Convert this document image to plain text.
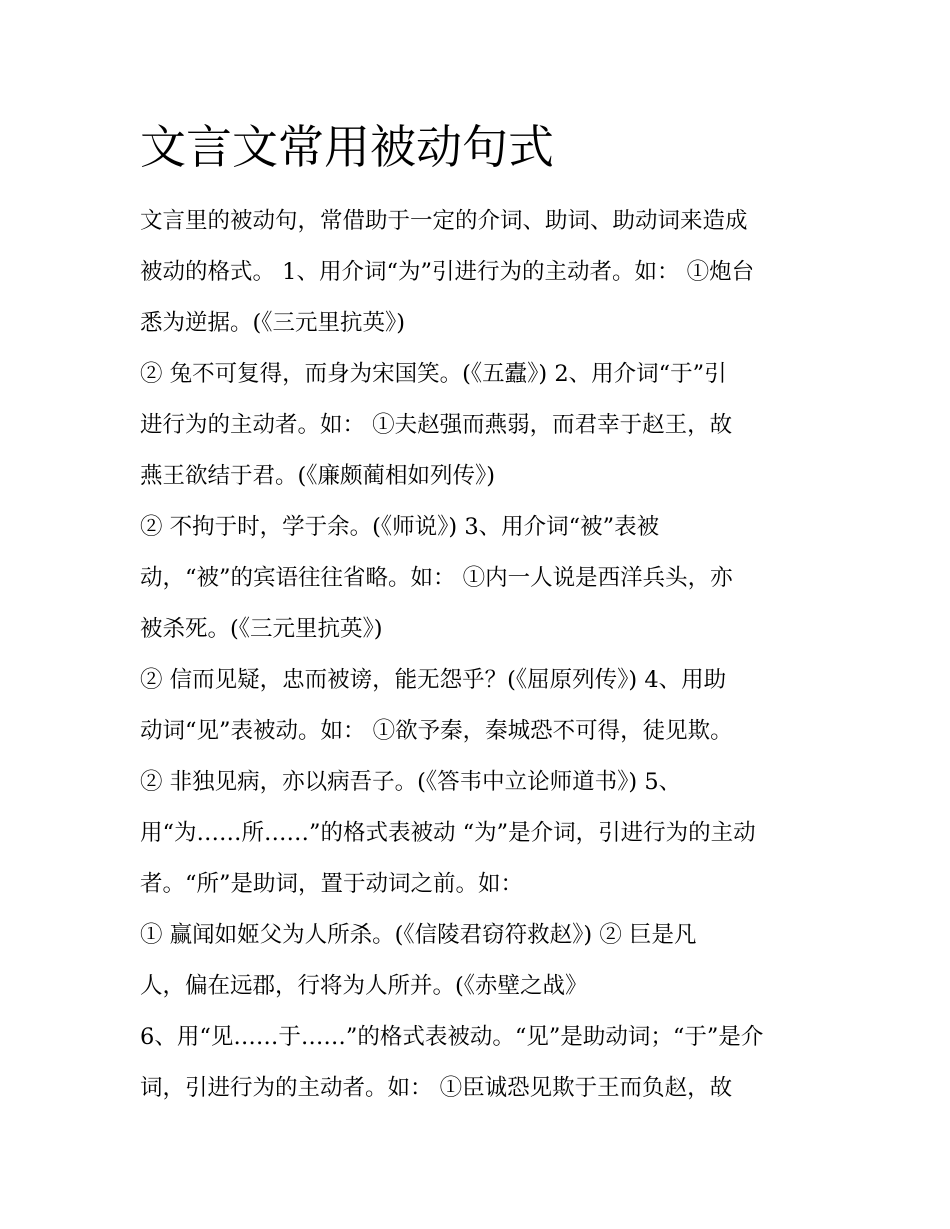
文言文常用被动句式
文言里的被动句，常借助于一定的介词、助词、助动词来造成
被动的格式。 1、用介词“为”引进行为的主动者。如： ①炮台
悉为逆据。(《三元里抗英》)
② 兔不可复得，而身为宋国笑。(《五蠹》) 2、用介词“于”引
进行为的主动者。如： ①夫赵强而燕弱，而君幸于赵王，故
燕王欲结于君。(《廉颇蔺相如列传》)
② 不拘于时，学于余。(《师说》) 3、用介词“被”表被
动，“被”的宾语往往省略。如： ①内一人说是西洋兵头，亦
被杀死。(《三元里抗英》)
② 信而见疑，忠而被谤，能无怨乎？(《屈原列传》) 4、用助
动词“见”表被动。如： ①欲予秦，秦城恐不可得，徒见欺。
② 非独见病，亦以病吾子。(《答韦中立论师道书》) 5、
用“为……所……”的格式表被动 “为”是介词，引进行为的主动
者。“所”是助词，置于动词之前。如：
① 赢闻如姬父为人所杀。(《信陵君窃符救赵》) ② 巨是凡
人，偏在远郡，行将为人所并。(《赤壁之战》
6、用“见……于……”的格式表被动。“见”是助动词；“于”是介
词，引进行为的主动者。如： ①臣诚恐见欺于王而负赵，故
